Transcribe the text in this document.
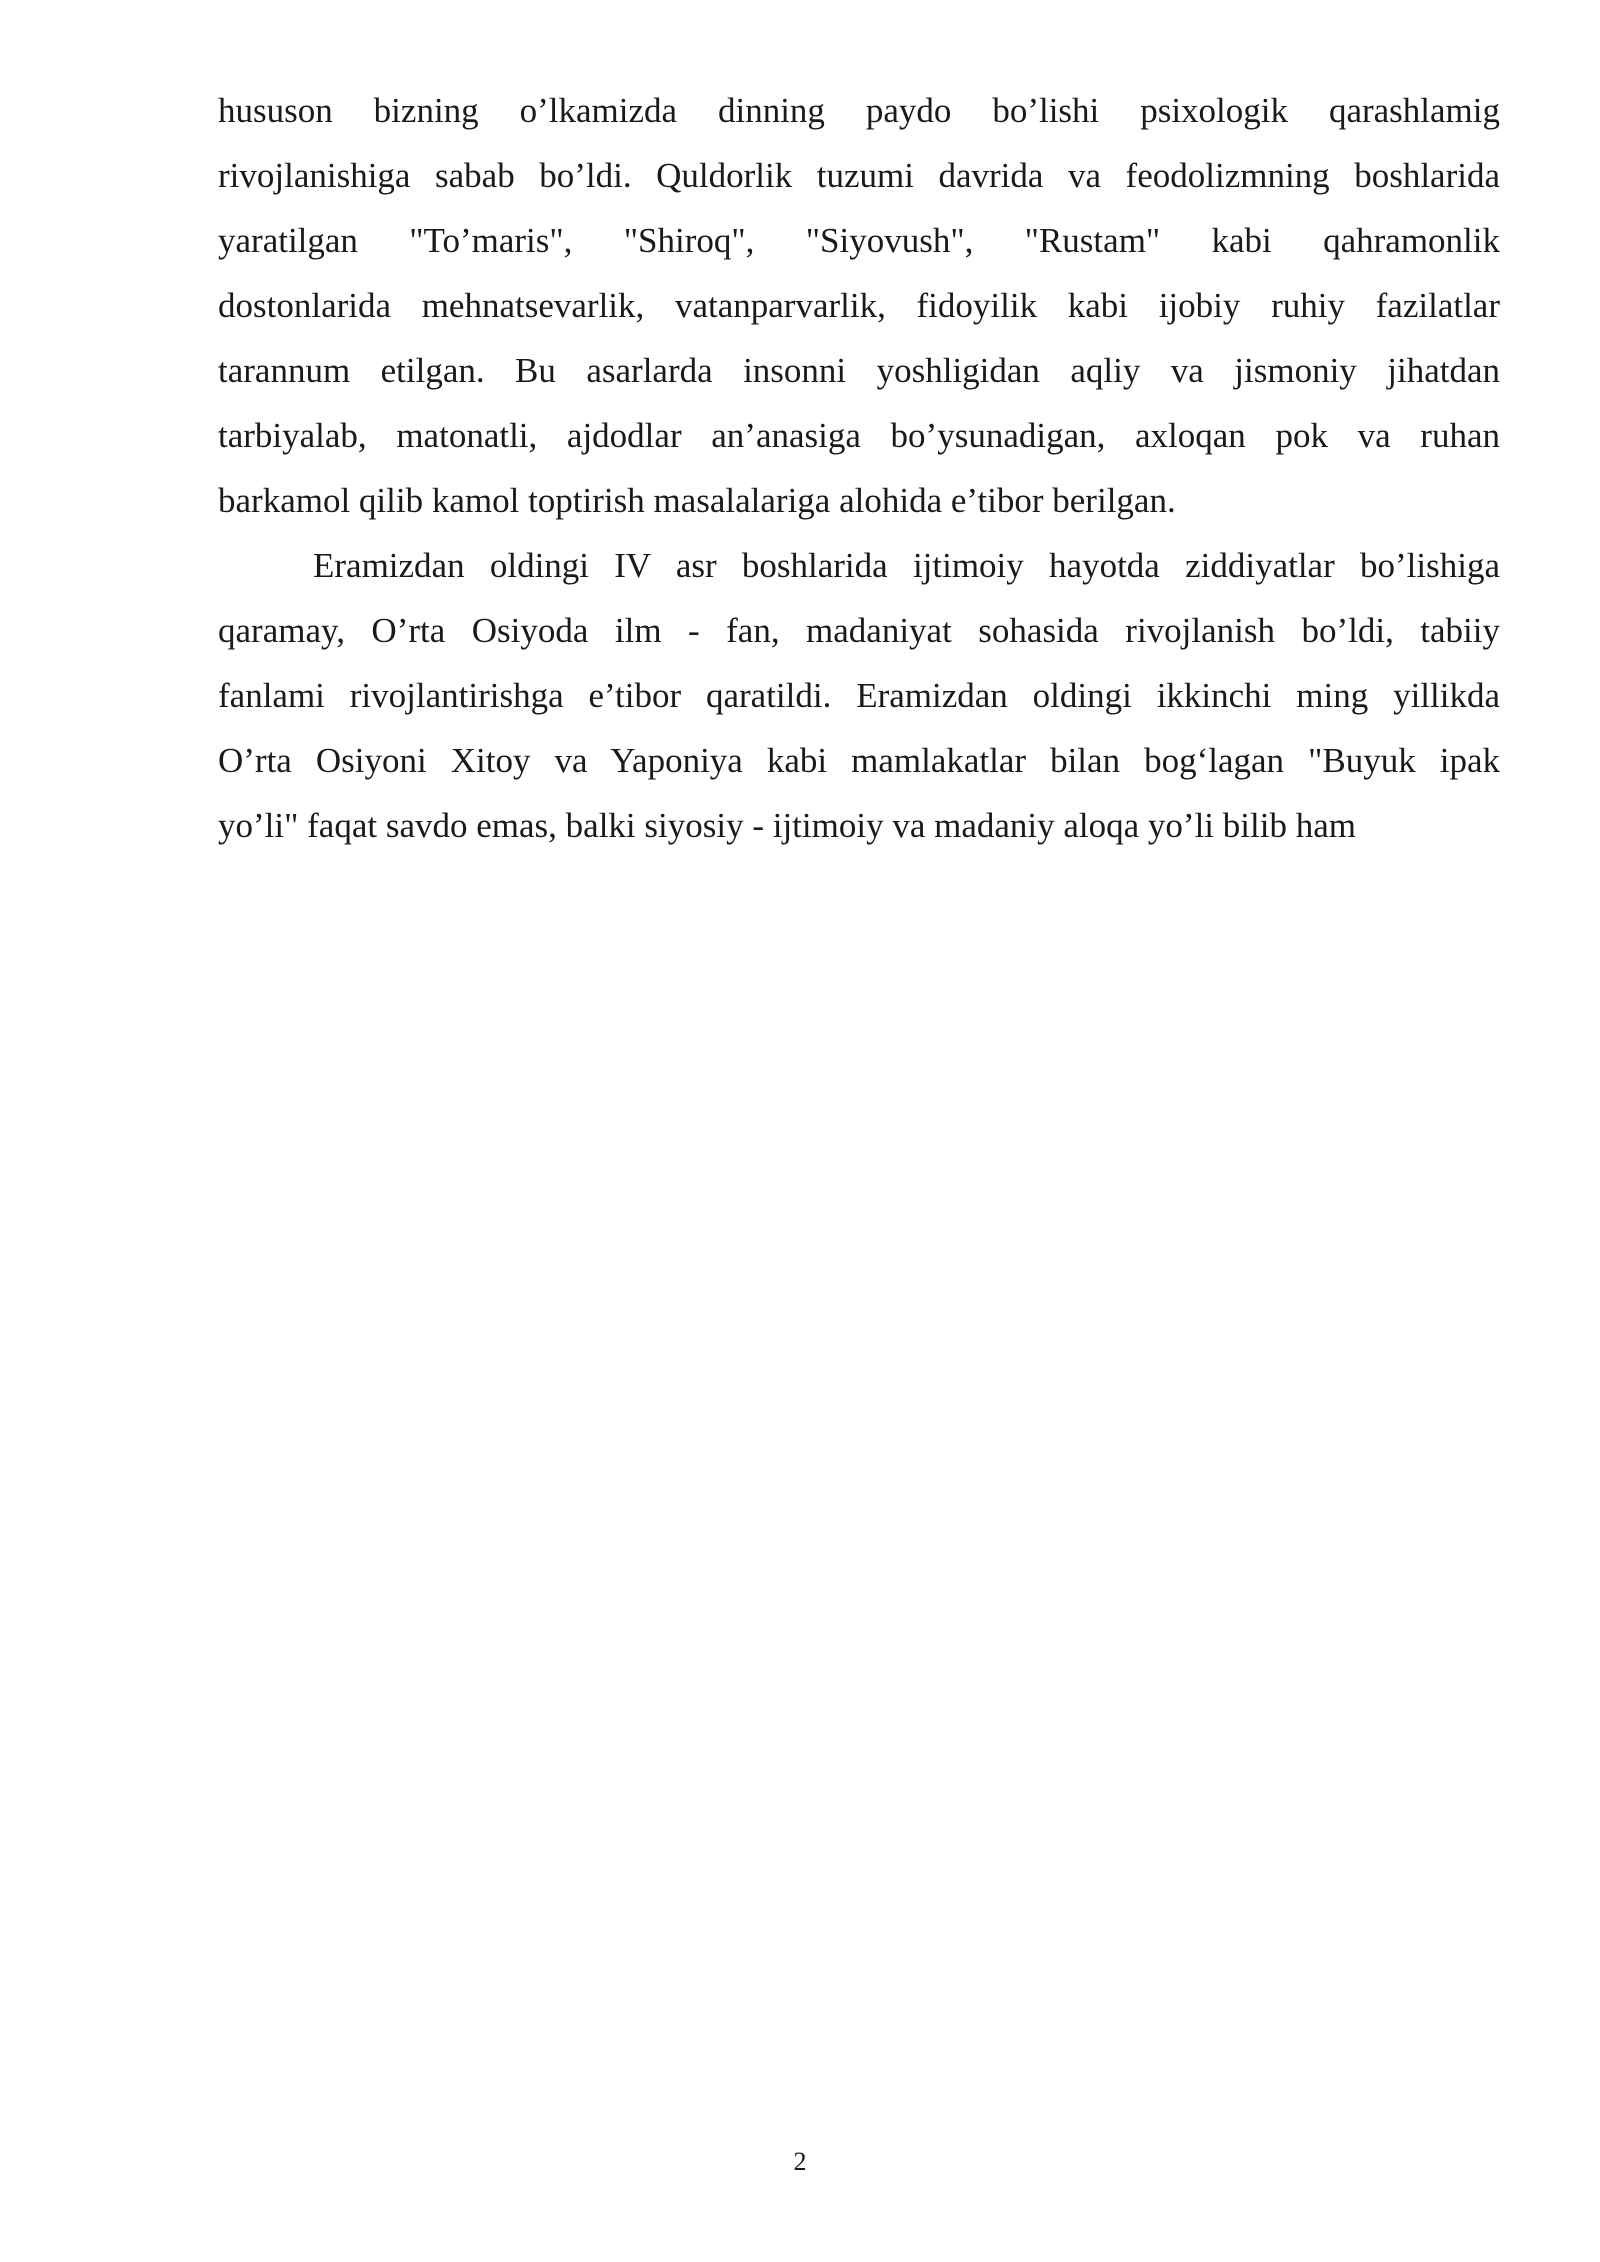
hususon bizning o’lkamizda dinning paydo bo’lishi psixologik qarashlamig
rivojlanishiga sabab bo’ldi. Quldorlik tuzumi davrida va feodolizmning boshlarida
yaratilgan "To’maris", "Shiroq", "Siyovush", "Rustam" kabi qahramonlik
dostonlarida mehnatsevarlik, vatanparvarlik, fidoyilik kabi ijobiy ruhiy fazilatlar
tarannum etilgan. Bu asarlarda insonni yoshligidan aqliy va jismoniy jihatdan
tarbiyalab, matonatli, ajdodlar an’anasiga bo’ysunadigan, axloqan pok va ruhan
barkamol qilib kamol toptirish masalalariga alohida e’tibor berilgan.
Eramizdan oldingi IV asr boshlarida ijtimoiy hayotda ziddiyatlar bo’lishiga
qaramay, O’rta Osiyoda ilm - fan, madaniyat sohasida rivojlanish bo’ldi, tabiiy
fanlami rivojlantirishga e’tibor qaratildi. Eramizdan oldingi ikkinchi ming yillikda
O’rta Osiyoni Xitoy va Yaponiya kabi mamlakatlar bilan bog‘lagan "Buyuk ipak
yo’li" faqat savdo emas, balki siyosiy - ijtimoiy va madaniy aloqa yo’li bilib ham
2
